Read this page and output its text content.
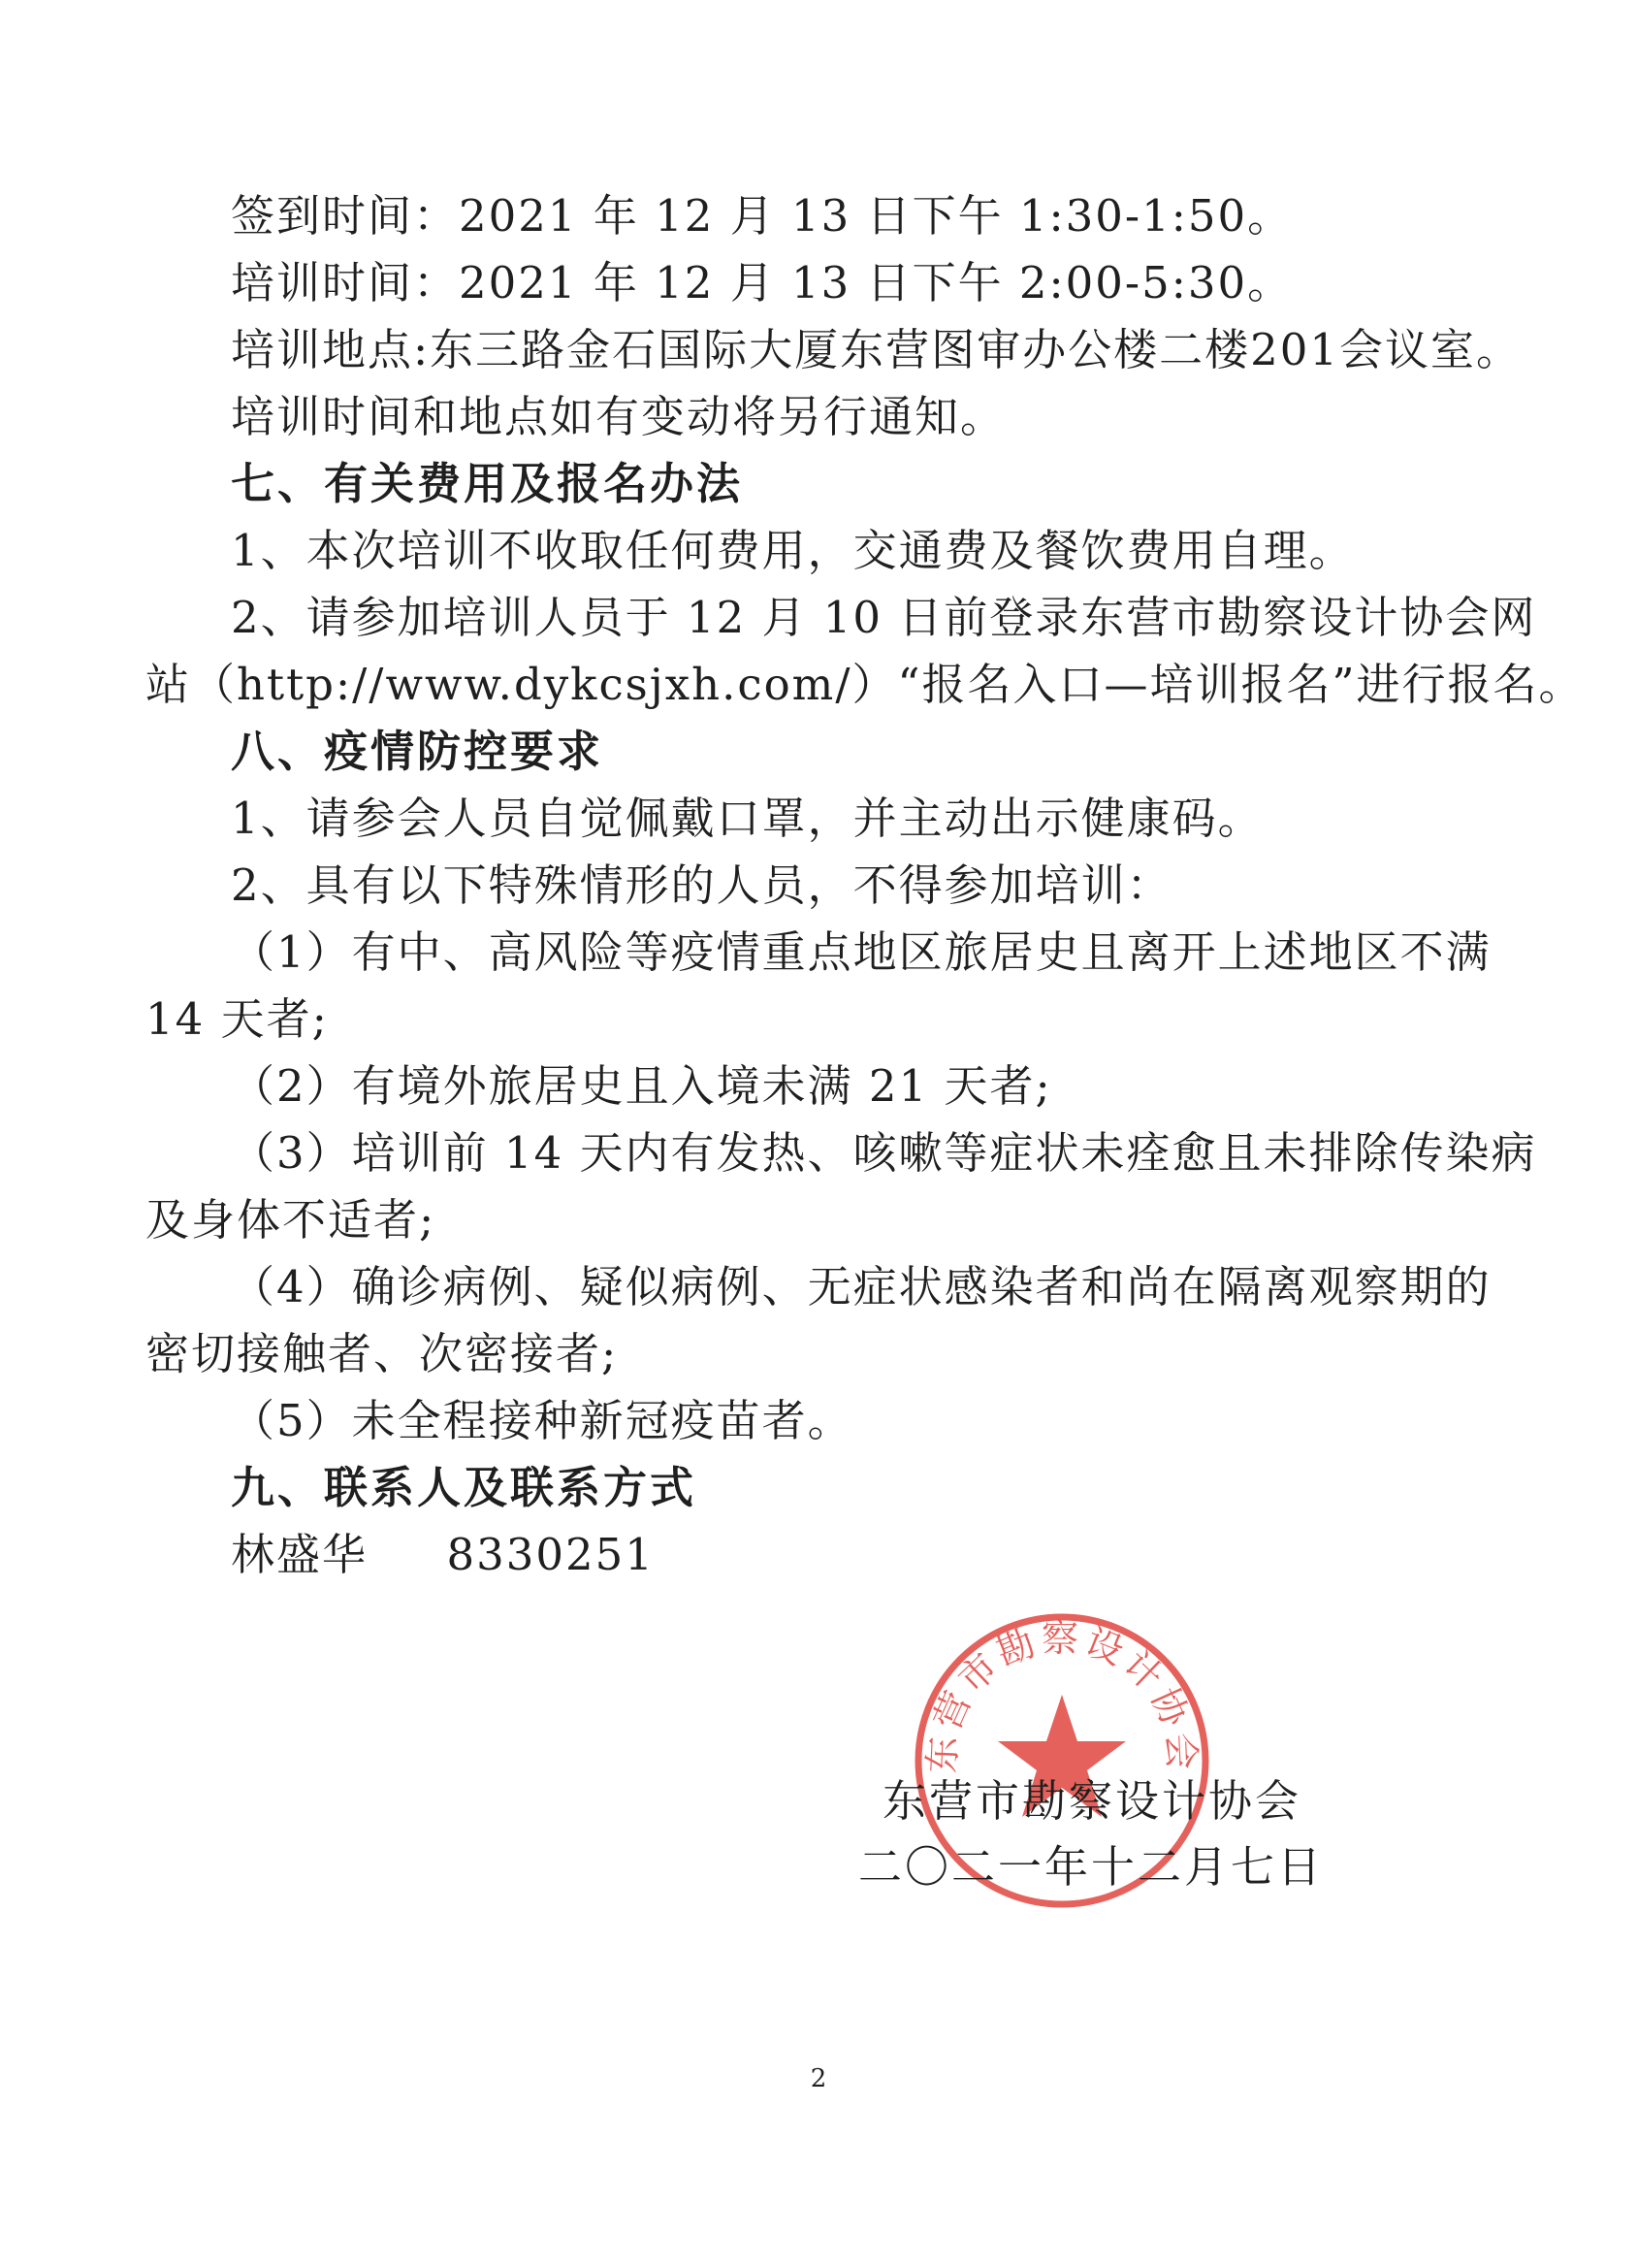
签到时间：2021 年 12 月 13 日下午 1:30-1:50。
培训时间：2021 年 12 月 13 日下午 2:00-5:30。
培训地点:东三路金石国际大厦东营图审办公楼二楼201会议室。
培训时间和地点如有变动将另行通知。
七、有关费用及报名办法
1、本次培训不收取任何费用，交通费及餐饮费用自理。
2、请参加培训人员于 12 月 10 日前登录东营市勘察设计协会网
站（http://www.dykcsjxh.com/）“报名入口—培训报名”进行报名。
八、疫情防控要求
1、请参会人员自觉佩戴口罩，并主动出示健康码。
2、具有以下特殊情形的人员，不得参加培训：
（1）有中、高风险等疫情重点地区旅居史且离开上述地区不满
14 天者;
（2）有境外旅居史且入境未满 21 天者;
（3）培训前 14 天内有发热、咳嗽等症状未痊愈且未排除传染病
及身体不适者;
（4）确诊病例、疑似病例、无症状感染者和尚在隔离观察期的
密切接触者、次密接者;
（5）未全程接种新冠疫苗者。
九、联系人及联系方式
林盛华     8330251
东营市勘察设计协会
东营市勘察设计协会
二〇二一年十二月七日
2
